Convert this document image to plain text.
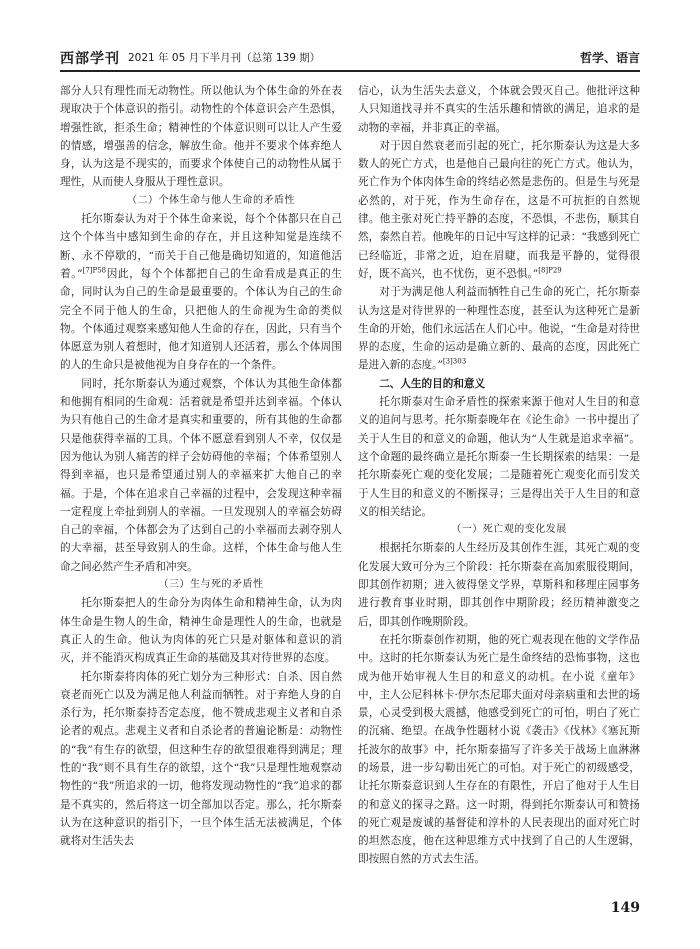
西部学刊 2021 年 05 月下半月刊（总第 139 期）	哲学、语言

部分人只有理性而无动物性。所以他认为个体生命的外在表现取决于个体意识的指引。动物性的个体意识会产生恐惧，增强性欲，拒杀生命；精神性的个体意识则可以让人产生爱的情感，增强善的信念，解放生命。他并不要求个体弃绝人身，认为这是不现实的，而要求个体使自己的动物性从属于理性，从而使人身服从于理性意识。

（二）个体生命与他人生命的矛盾性

托尔斯泰认为对于个体生命来说，每个个体都只在自己这个个体当中感知到生命的存在，并且这种知觉是连续不断、永不停歇的，“而关于自己他是确切知道的，知道他活着。”$^{[7]P58}$因此，每个个体都把自己的生命看成是真正的生命，同时认为自己的生命是最重要的。个体认为自己的生命完全不同于他人的生命，只把他人的生命视为生命的类似物。个体通过观察来感知他人生命的存在，因此，只有当个体愿意为别人着想时，他才知道别人还活着，那么个体周围的人的生命只是被他视为自身存在的一个条件。

同时，托尔斯泰认为通过观察，个体认为其他生命体都和他拥有相同的生命观：活着就是希望并达到幸福。个体认为只有他自己的生命才是真实和重要的，所有其他的生命都只是他获得幸福的工具。个体不愿意看到别人不幸，仅仅是因为他认为别人痛苦的样子会妨碍他的幸福；个体希望别人得到幸福，也只是希望通过别人的幸福来扩大他自己的幸福。于是，个体在追求自己幸福的过程中，会发现这种幸福一定程度上牵扯到别人的幸福。一旦发现别人的幸福会妨碍自己的幸福，个体都会为了达到自己的小幸福而去剥夺别人的大幸福，甚至导致别人的生命。这样，个体生命与他人生命之间必然产生矛盾和冲突。

（三）生与死的矛盾性

托尔斯泰把人的生命分为肉体生命和精神生命，认为肉体生命是生物人的生命，精神生命是理性人的生命，也就是真正人的生命。他认为肉体的死亡只是对躯体和意识的消灭，并不能消灭构成真正生命的基础及其对待世界的态度。

托尔斯泰将肉体的死亡划分为三种形式：自杀、因自然衰老而死亡以及为满足他人利益而牺牲。对于弃绝人身的自杀行为，托尔斯泰持否定态度，他不赞成悲观主义者和自杀论者的观点。悲观主义者和自杀论者的普遍论断是：动物性的“我”有生存的欲望，但这种生存的欲望很难得到满足；理性的“我”则不具有生存的欲望，这个“我”只是理性地观察动物性的“我”所追求的一切，他将发现动物性的“我”追求的都是不真实的，然后将这一切全部加以否定。那么，托尔斯泰认为在这种意识的指引下，一旦个体生活无法被满足，个体就将对生活失去

信心，认为生活失去意义，个体就会毁灭自己。他批评这种人只知道找寻并不真实的生活乐趣和情欲的满足，追求的是动物的幸福，并非真正的幸福。

对于因自然衰老而引起的死亡，托尔斯泰认为这是大多数人的死亡方式，也是他自己最向往的死亡方式。他认为，死亡作为个体肉体生命的终结必然是悲伤的。但是生与死是必然的，对于死，作为生命存在，这是不可抗拒的自然规律。他主张对死亡持平静的态度，不恐惧，不悲伤，顺其自然，泰然自若。他晚年的日记中写这样的记录：“我感到死亡已经临近，非常之近，迫在眉睫，而我是平静的，觉得很好，既不高兴，也不忧伤，更不恐惧。”$^{[8]P29}$

对于为满足他人利益而牺牲自己生命的死亡，托尔斯泰认为这是对待世界的一种理性态度，甚至认为这种死亡是新生命的开始，他们永远活在人们心中。他说，“生命是对待世界的态度，生命的运动是确立新的、最高的态度，因此死亡是进入新的态度。”$^{[3]303}$

二、人生的目的和意义

托尔斯泰对生命矛盾性的探索来源于他对人生目的和意义的追问与思考。托尔斯泰晚年在《论生命》一书中提出了关于人生目的和意义的命题，他认为“人生就是追求幸福”。这个命题的最终确立是托尔斯泰一生长期探索的结果：一是托尔斯泰死亡观的变化发展；二是随着死亡观变化而引发关于人生目的和意义的不断探寻；三是得出关于人生目的和意义的相关结论。

（一）死亡观的变化发展

根据托尔斯泰的人生经历及其创作生涯，其死亡观的变化发展大致可分为三个阶段：托尔斯泰在高加索服役期间，即其创作初期；进入彼得堡文学界，草斯科和移理庄园事务进行教育事业时期，即其创作中期阶段；经历精神激变之后，即其创作晚期阶段。

在托尔斯泰创作初期，他的死亡观表现在他的文学作品中。这时的托尔斯泰认为死亡是生命终结的恐怖事物，这也成为他开始审视人生目的和意义的动机。在小说《童年》中，主人公尼科林卡·伊尔杰尼耶夫面对母亲病重和去世的场景，心灵受到极大震撼，他感受到死亡的可怕，明白了死亡的沉痛、绝望。在战争性题材小说《袭击》《伐林》《塞瓦斯托波尔的故事》中，托尔斯泰描写了许多关于战场上血淋淋的场景，进一步勾勒出死亡的可怕。对于死亡的初级感受，让托尔斯泰意识到人生存在的有限性，开启了他对于人生目的和意义的探寻之路。这一时期，得到托尔斯泰认可和赞扬的死亡观是废诚的基督徒和淳朴的人民表现出的面对死亡时的坦然态度，他在这种思维方式中找到了自己的人生逻辑，即按照自然的方式去生活。

149
